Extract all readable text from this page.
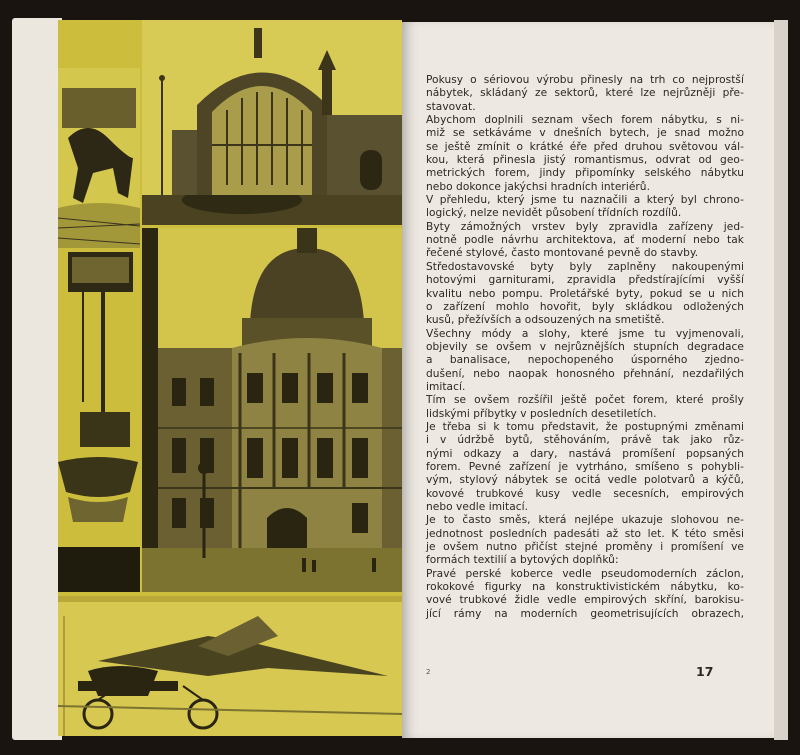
Pokusy o sériovou výrobu přinesly na trh co nejprostší
nábytek, skládaný ze sektorů, které lze nejrůzněji pře-
stavovat.
Abychom doplnili seznam všech forem nábytku, s ni-
miž se setkáváme v dnešních bytech, je snad možno
se ještě zmínit o krátké éře před druhou světovou vál-
kou, která přinesla jistý romantismus, odvrat od geo-
metrických forem, jindy připomínky selského nábytku
nebo dokonce jakýchsi hradních interiérů.
V přehledu, který jsme tu naznačili a který byl chrono-
logický, nelze nevidět působení třídních rozdílů.
Byty zámožných vrstev byly zpravidla zařízeny jed-
notně podle návrhu architektova, ať moderní nebo tak
řečené stylové, často montované pevně do stavby.
Středostavovské byty byly zaplněny nakoupenými
hotovými garniturami, zpravidla předstírajícími vyšší
kvalitu nebo pompu. Proletářské byty, pokud se u nich
o zařízení mohlo hovořit, byly skládkou odložených
kusů, přežívších a odsouzených na smetiště.
Všechny módy a slohy, které jsme tu vyjmenovali,
objevily se ovšem v nejrůznějších stupních degradace
a banalisace, nepochopeného úsporného zjedno-
dušení, nebo naopak honosného přehnání, nezdařilých
imitací.
Tím se ovšem rozšířil ještě počet forem, které prošly
lidskými příbytky v posledních desetiletích.
Je třeba si k tomu představit, že postupnými změnami
i v údržbě bytů, stěhováním, právě tak jako růz-
nými odkazy a dary, nastává promíšení popsaných
forem. Pevné zařízení je vytrháno, smíšeno s pohybli-
vým, stylový nábytek se ocitá vedle polotvarů a kýčů,
kovové trubkové kusy vedle secesních, empirových
nebo vedle imitací.
Je to často směs, která nejlépe ukazuje slohovou ne-
jednotnost posledních padesáti až sto let. K této směsi
je ovšem nutno přičíst stejné proměny i promíšení ve
formách textilií a bytových doplňků:
Pravé perské koberce vedle pseudomoderních záclon,
rokokové figurky na konstruktivistickém nábytku, ko-
vové trubkové židle vedle empirových skříní, barokisu-
jící rámy na moderních geometrisujících obrazech,
2	17
